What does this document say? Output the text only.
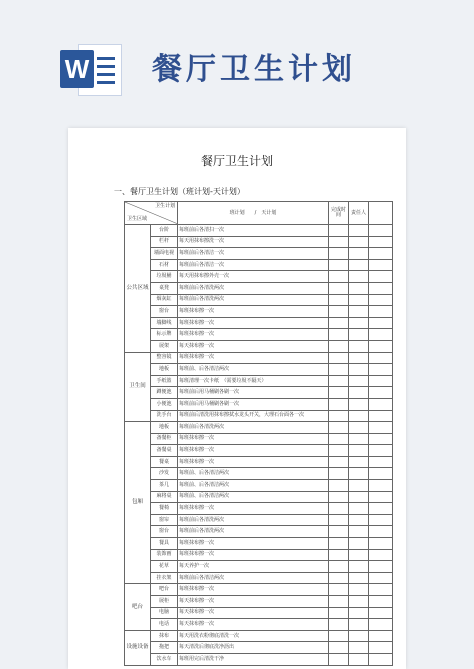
W 餐厅卫生计划
餐厅卫生计划
一、餐厅卫生计划（班计划-天计划）
卫生计划
卫生区域		班计划　　/　天计划	完成时间	责任人	
公共区域	台阶	每班前后各清扫一次			
	栏杆	每天用抹布擦洗一次			
	墙面电视	每班前后各清洁一次			
	石材	每班前后各清洁一次			
	垃圾桶	每天用抹布擦外壳一次			
	桌凳	每班前后各清洗两次			
	烟灰缸	每班前后各清洗两次			
	窗台	每班抹布擦一次			
	墙脚线	每班抹布擦一次			
	标示牌	每班抹布擦一次			
	展架	每天抹布擦一次			
卫生间	整容镜	每班抹布擦一次			
	地板	每班前、后各清洁两次			
	手纸篮	每班清理一次卡纸　（需要垃圾不隔天）			
	蹲便池	每班前后用马桶刷各刷一次			
	小便池	每班前后用马桶刷各刷一次			
	洗手台	每班前后清洗用抹布擦拭水龙头开关，大理石台面各一次			
包厢	地板	每班前后各清洗两次			
	备餐柜	每班抹布擦一次			
	备餐桌	每班抹布擦一次			
	餐桌	每班抹布擦一次			
	沙发	每班前、后各清洁两次			
	茶几	每班前、后各清洁两次			
	麻将桌	每班前、后各清洁两次			
	餐椅	每班抹布擦一次			
	窗帘	每班前后各清洗两次			
	窗台	每班前后各清洗两次			
	餐具	每班抹布擦一次			
	装饰画	每班抹布擦一次			
	花草	每天养护一次			
	挂衣架	每班前后各清洁两次			
吧台	吧台	每班抹布擦一次			
	展柜	每天抹布擦一次			
	电脑	每天抹布擦一次			
	电话	每天抹布擦一次			
设施设备	抹布	每天用洗衣粉彻底清洗一次			
	拖把	每天清洗后彻底洗净沥出			
	饮水车	每班用完后清洗干净			
